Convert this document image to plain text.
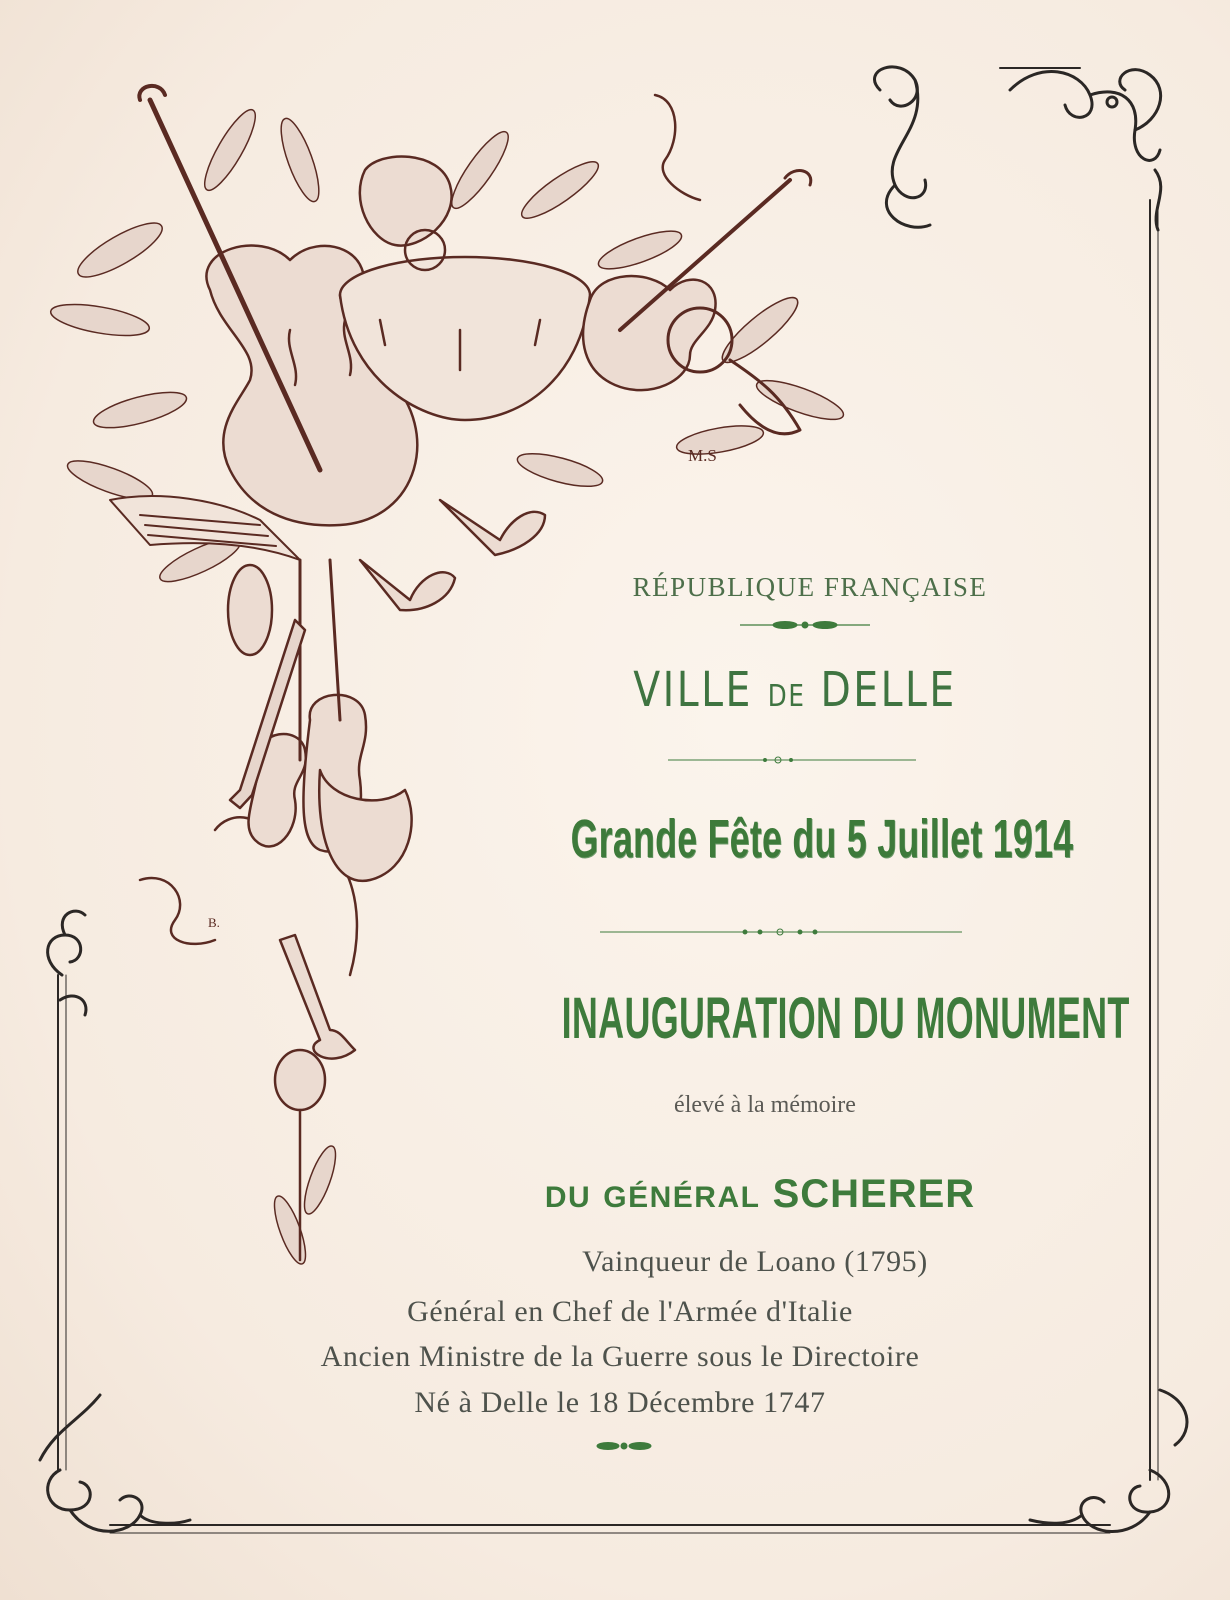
M.S
B.
RÉPUBLIQUE FRANÇAISE
VILLE DE DELLE
Grande Fête du 5 Juillet 1914
INAUGURATION DU MONUMENT
élevé à la mémoire
DU GÉNÉRAL SCHERER
Vainqueur de Loano (1795)
Général en Chef de l'Armée d'Italie
Ancien Ministre de la Guerre sous le Directoire
Né à Delle le 18 Décembre 1747
